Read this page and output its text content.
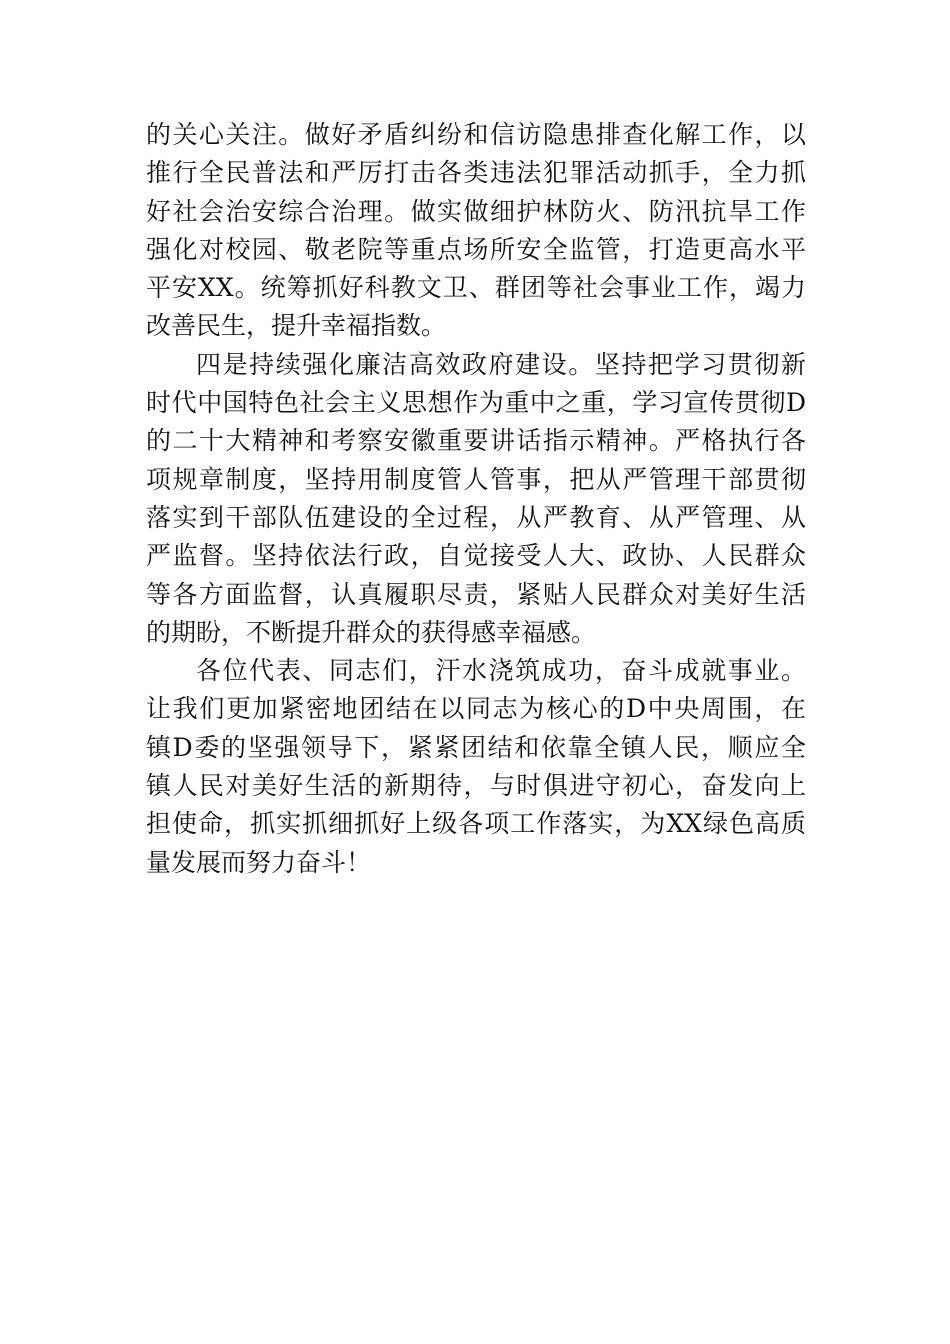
的关心关注。做好矛盾纠纷和信访隐患排查化解工作，以
推行全民普法和严厉打击各类违法犯罪活动抓手，全力抓
好社会治安综合治理。做实做细护林防火、防汛抗旱工作
强化对校园、敬老院等重点场所安全监管，打造更高水平
平安XX。统筹抓好科教文卫、群团等社会事业工作，竭力
改善民生，提升幸福指数。
四是持续强化廉洁高效政府建设。坚持把学习贯彻新
时代中国特色社会主义思想作为重中之重，学习宣传贯彻D
的二十大精神和考察安徽重要讲话指示精神。严格执行各
项规章制度，坚持用制度管人管事，把从严管理干部贯彻
落实到干部队伍建设的全过程，从严教育、从严管理、从
严监督。坚持依法行政，自觉接受人大、政协、人民群众
等各方面监督，认真履职尽责，紧贴人民群众对美好生活
的期盼，不断提升群众的获得感幸福感。
各位代表、同志们，汗水浇筑成功，奋斗成就事业。
让我们更加紧密地团结在以同志为核心的D中央周围，在
镇D委的坚强领导下，紧紧团结和依靠全镇人民，顺应全
镇人民对美好生活的新期待，与时俱进守初心，奋发向上
担使命，抓实抓细抓好上级各项工作落实，为XX绿色高质
量发展而努力奋斗！
